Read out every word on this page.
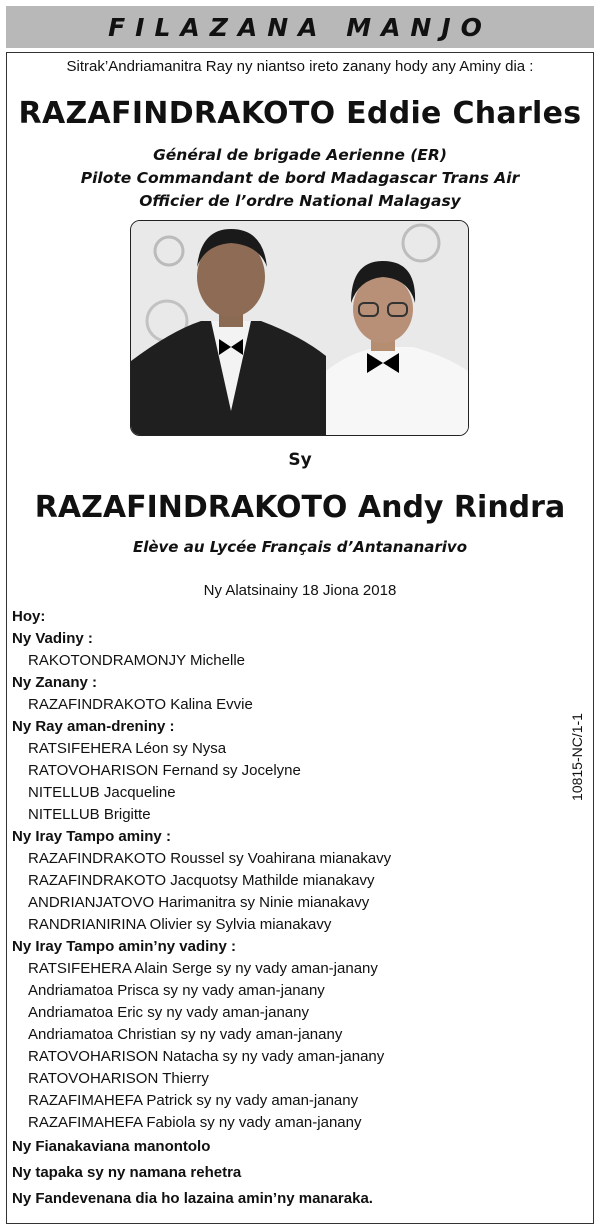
FILAZANA MANJO
Sitrak’Andriamanitra Ray ny niantso ireto zanany hody any Aminy dia :
RAZAFINDRAKOTO Eddie Charles
Général de brigade Aerienne (ER)
Pilote Commandant de bord Madagascar Trans Air
Officier de l’ordre National Malagasy
Sy
RAZAFINDRAKOTO Andy Rindra
Elève au Lycée Français d’Antananarivo
Ny Alatsinainy 18 Jiona 2018
Hoy:
Ny Vadiny :
RAKOTONDRAMONJY Michelle
Ny Zanany :
RAZAFINDRAKOTO Kalina Evvie
Ny Ray aman-dreniny :
RATSIFEHERA Léon sy Nysa
RATOVOHARISON Fernand sy Jocelyne
NITELLUB Jacqueline
NITELLUB Brigitte
Ny Iray Tampo aminy :
RAZAFINDRAKOTO Roussel sy Voahirana mianakavy
RAZAFINDRAKOTO Jacquotsy Mathilde mianakavy
ANDRIANJATOVO Harimanitra sy Ninie mianakavy
RANDRIANIRINA Olivier sy Sylvia mianakavy
Ny Iray Tampo amin’ny vadiny :
RATSIFEHERA Alain Serge sy ny vady aman-janany
Andriamatoa Prisca sy ny vady aman-janany
Andriamatoa Eric sy ny vady aman-janany
Andriamatoa Christian sy ny vady aman-janany
RATOVOHARISON Natacha sy ny vady aman-janany
RATOVOHARISON Thierry
RAZAFIMAHEFA Patrick sy ny vady aman-janany
RAZAFIMAHEFA Fabiola sy ny vady aman-janany
Ny Fianakaviana manontolo
Ny tapaka sy ny namana rehetra
Ny Fandevenana dia ho lazaina amin’ny manaraka.
10815-NC/1-1
